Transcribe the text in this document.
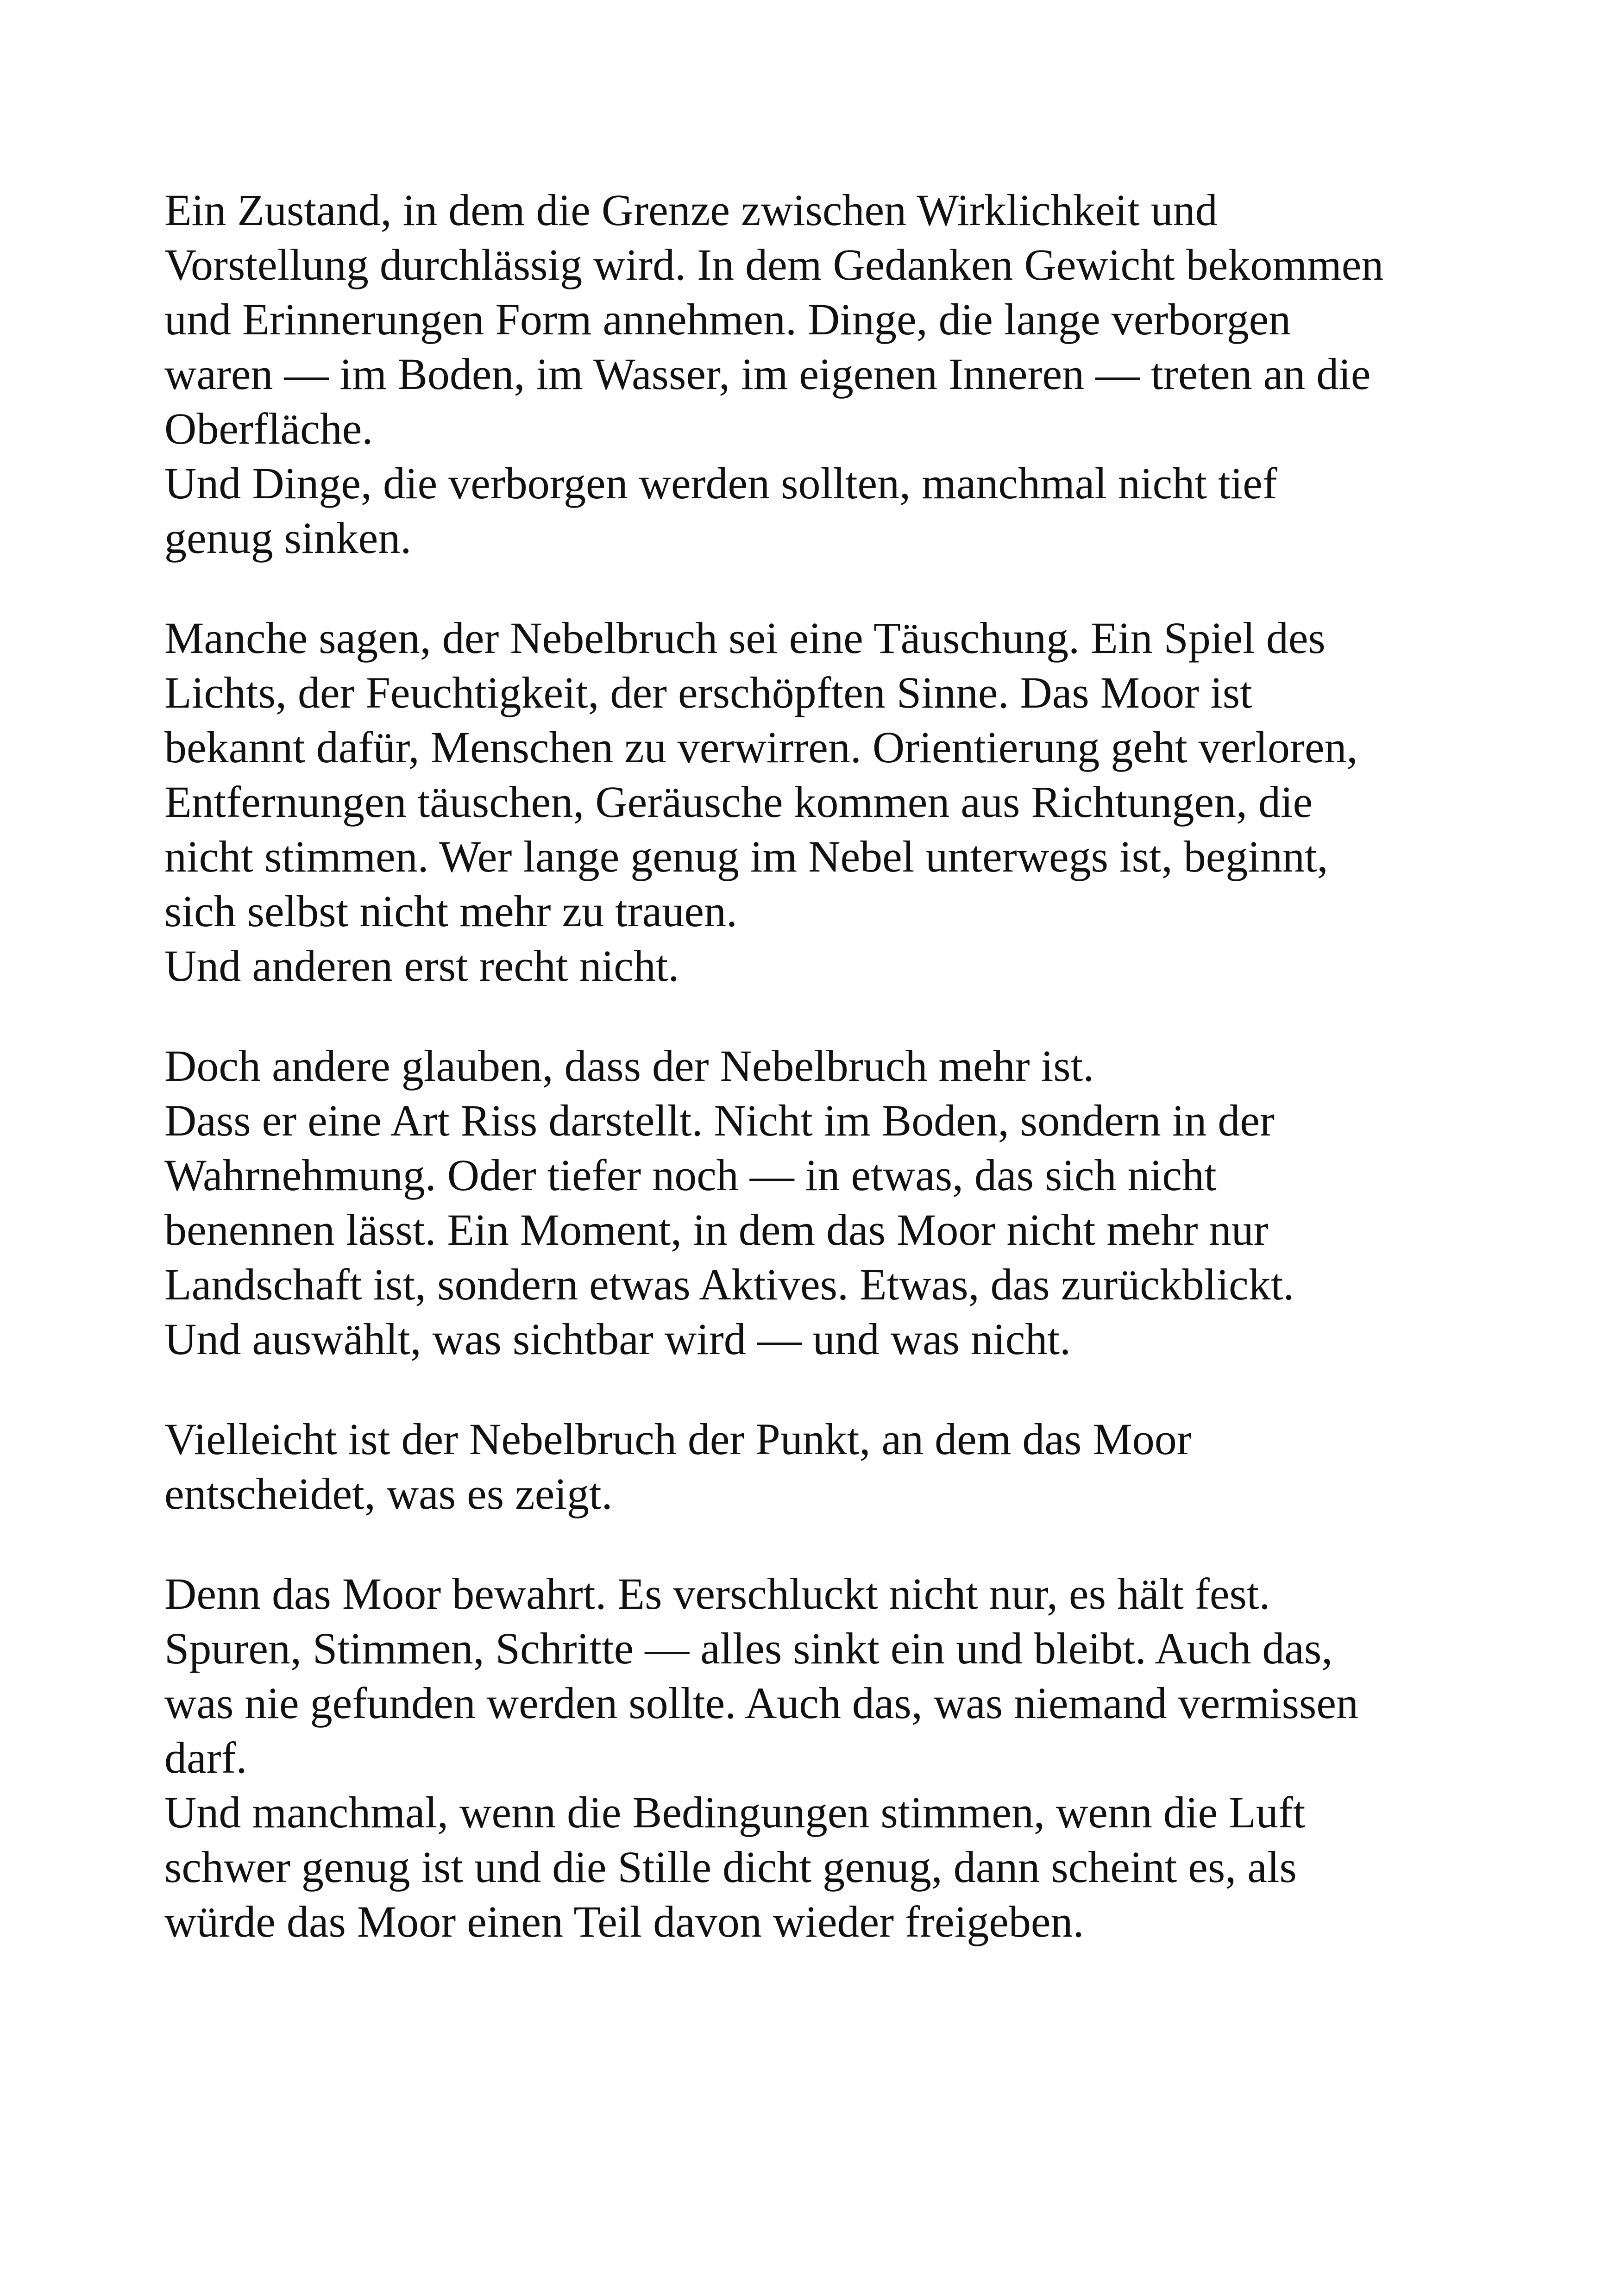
Ein Zustand, in dem die Grenze zwischen Wirklichkeit und
Vorstellung durchlässig wird. In dem Gedanken Gewicht bekommen
und Erinnerungen Form annehmen. Dinge, die lange verborgen
waren — im Boden, im Wasser, im eigenen Inneren — treten an die
Oberfläche.
Und Dinge, die verborgen werden sollten, manchmal nicht tief
genug sinken.

Manche sagen, der Nebelbruch sei eine Täuschung. Ein Spiel des
Lichts, der Feuchtigkeit, der erschöpften Sinne. Das Moor ist
bekannt dafür, Menschen zu verwirren. Orientierung geht verloren,
Entfernungen täuschen, Geräusche kommen aus Richtungen, die
nicht stimmen. Wer lange genug im Nebel unterwegs ist, beginnt,
sich selbst nicht mehr zu trauen.
Und anderen erst recht nicht.

Doch andere glauben, dass der Nebelbruch mehr ist.
Dass er eine Art Riss darstellt. Nicht im Boden, sondern in der
Wahrnehmung. Oder tiefer noch — in etwas, das sich nicht
benennen lässt. Ein Moment, in dem das Moor nicht mehr nur
Landschaft ist, sondern etwas Aktives. Etwas, das zurückblickt.
Und auswählt, was sichtbar wird — und was nicht.

Vielleicht ist der Nebelbruch der Punkt, an dem das Moor
entscheidet, was es zeigt.

Denn das Moor bewahrt. Es verschluckt nicht nur, es hält fest.
Spuren, Stimmen, Schritte — alles sinkt ein und bleibt. Auch das,
was nie gefunden werden sollte. Auch das, was niemand vermissen
darf.
Und manchmal, wenn die Bedingungen stimmen, wenn die Luft
schwer genug ist und die Stille dicht genug, dann scheint es, als
würde das Moor einen Teil davon wieder freigeben.
